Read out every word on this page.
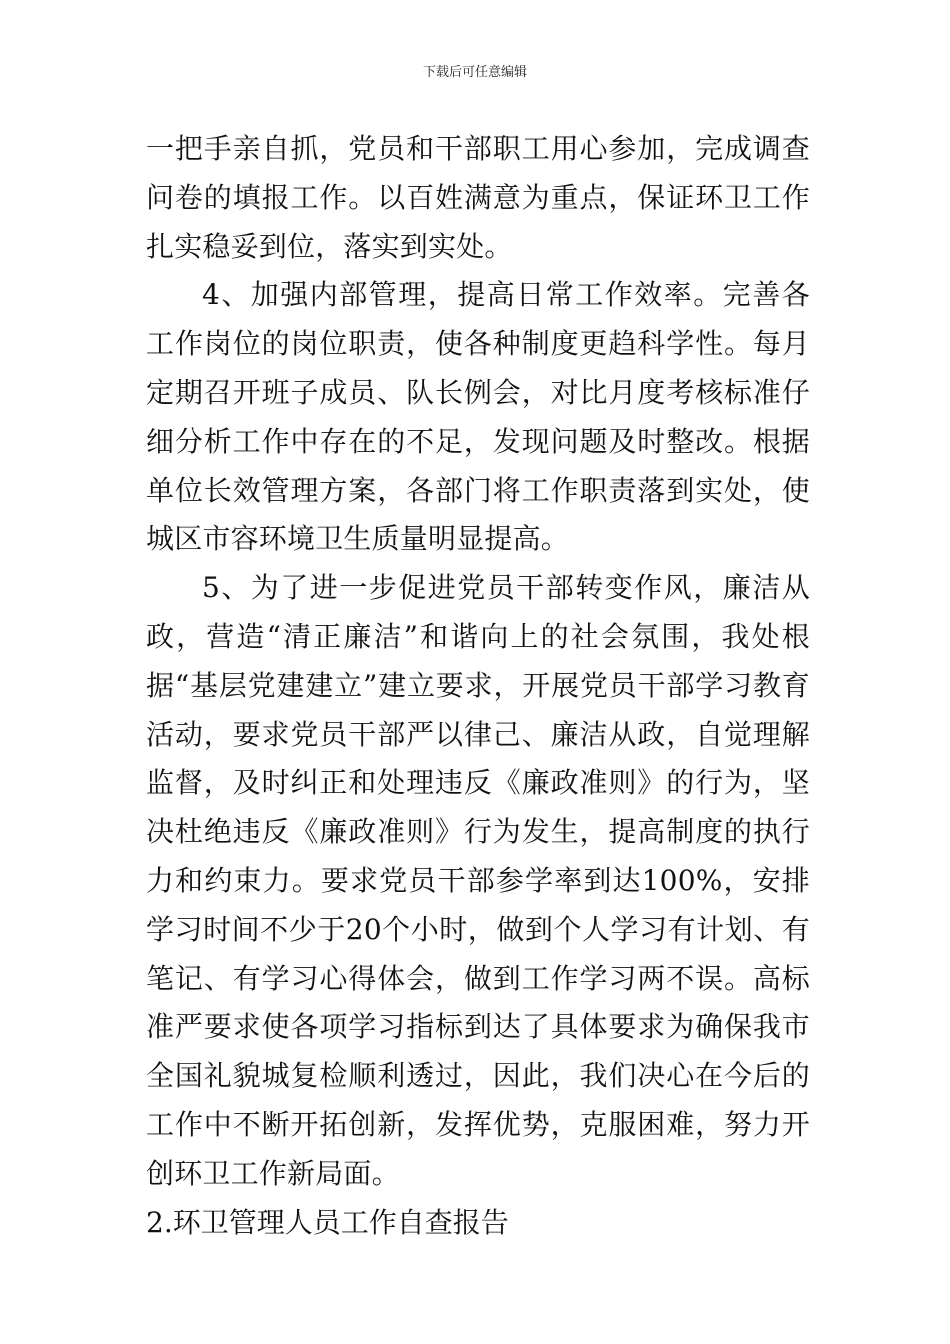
下载后可任意编辑

一把手亲自抓，党员和干部职工用心参加，完成调查问卷的填报工作。以百姓满意为重点，保证环卫工作扎实稳妥到位，落实到实处。

4、加强内部管理，提高日常工作效率。完善各工作岗位的岗位职责，使各种制度更趋科学性。每月定期召开班子成员、队长例会，对比月度考核标准仔细分析工作中存在的不足，发现问题及时整改。根据单位长效管理方案，各部门将工作职责落到实处，使城区市容环境卫生质量明显提高。

5、为了进一步促进党员干部转变作风，廉洁从政，营造“清正廉洁”和谐向上的社会氛围，我处根据“基层党建建立”建立要求，开展党员干部学习教育活动，要求党员干部严以律己、廉洁从政，自觉理解监督，及时纠正和处理违反《廉政准则》的行为，坚决杜绝违反《廉政准则》行为发生，提高制度的执行力和约束力。要求党员干部参学率到达100%，安排学习时间不少于20个小时，做到个人学习有计划、有笔记、有学习心得体会，做到工作学习两不误。高标准严要求使各项学习指标到达了具体要求为确保我市全国礼貌城复检顺利透过，因此，我们决心在今后的工作中不断开拓创新，发挥优势，克服困难，努力开创环卫工作新局面。

2.环卫管理人员工作自查报告
